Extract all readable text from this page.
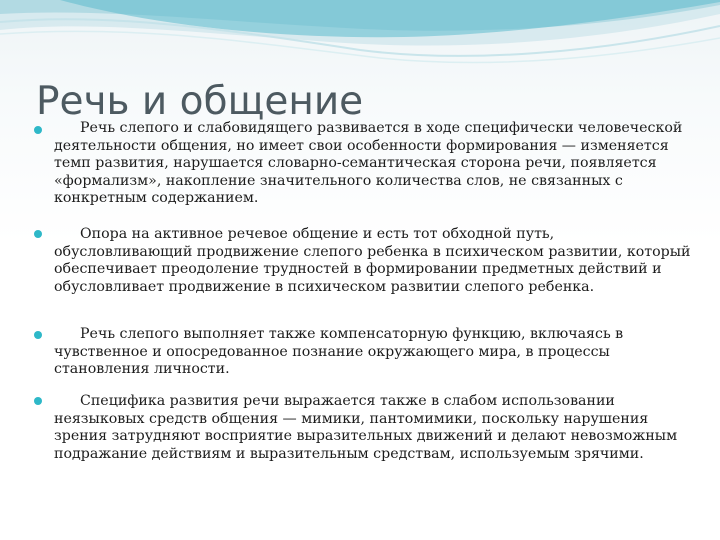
Речь и общение

Речь слепого и слабовидящего развивается в ходе специфически человеческой деятельности общения, но имеет свои особенности формирования — изменяется темп развития, нарушается словарно-семантическая сторона речи, появляется «формализм», накопление значительного количества слов, не связанных с конкретным содержанием.

Опора на активное речевое общение и есть тот обходной путь, обусловливающий продвижение слепого ребенка в психическом развитии, который обеспечивает преодоление трудностей в формировании предметных действий и обусловливает продвижение в психическом развитии слепого ребенка.

Речь слепого выполняет также компенсаторную функцию, включаясь в чувственное и опосредованное познание окружающего мира, в процессы становления личности.

Специфика развития речи выражается также в слабом использовании неязыковых средств общения — мимики, пантомимики, поскольку нарушения зрения затрудняют восприятие выразительных движений и делают невозможным подражание действиям и выразительным средствам, используемым зрячими.
